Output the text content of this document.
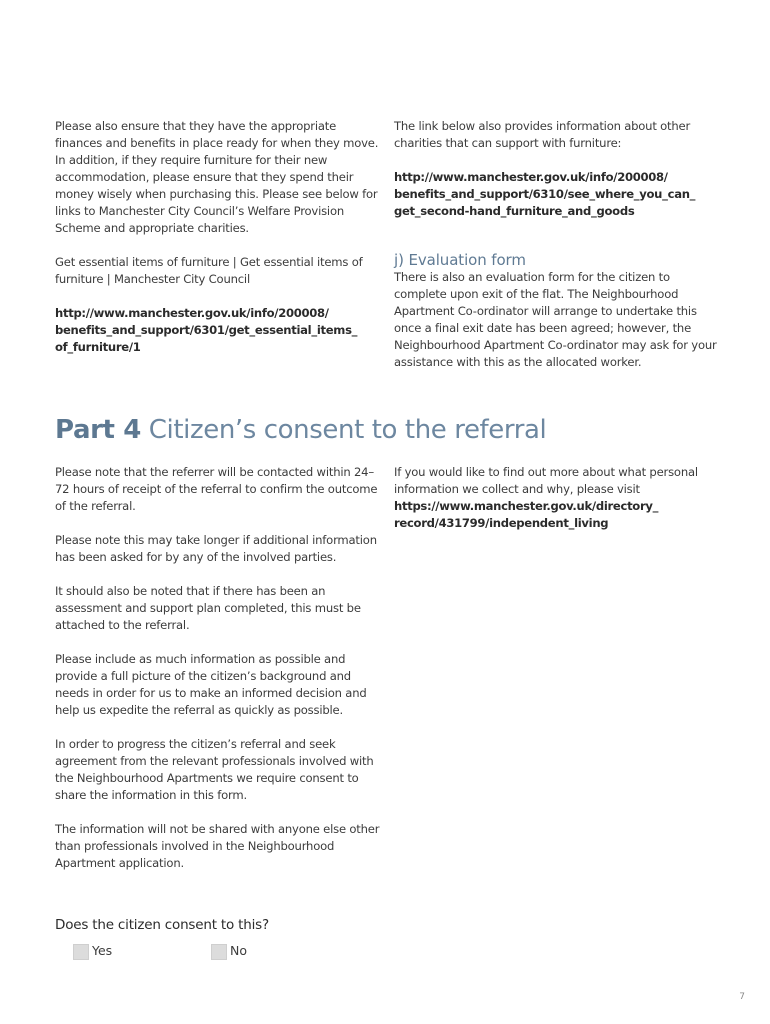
Please also ensure that they have the appropriate finances and benefits in place ready for when they move. In addition, if they require furniture for their new accommodation, please ensure that they spend their money wisely when purchasing this. Please see below for links to Manchester City Council’s Welfare Provision Scheme and appropriate charities.

Get essential items of furniture | Get essential items of furniture | Manchester City Council

http://www.manchester.gov.uk/info/200008/ benefits_and_support/6301/get_essential_items_ of_furniture/1

The link below also provides information about other charities that can support with furniture:

http://www.manchester.gov.uk/info/200008/ benefits_and_support/6310/see_where_you_can_ get_second-hand_furniture_and_goods

j) Evaluation form

There is also an evaluation form for the citizen to complete upon exit of the flat. The Neighbourhood Apartment Co-ordinator will arrange to undertake this once a final exit date has been agreed; however, the Neighbourhood Apartment Co-ordinator may ask for your assistance with this as the allocated worker.

Part 4 Citizen’s consent to the referral

Please note that the referrer will be contacted within 24–72 hours of receipt of the referral to confirm the outcome of the referral.

Please note this may take longer if additional information has been asked for by any of the involved parties.

It should also be noted that if there has been an assessment and support plan completed, this must be attached to the referral.

Please include as much information as possible and provide a full picture of the citizen’s background and needs in order for us to make an informed decision and help us expedite the referral as quickly as possible.

In order to progress the citizen’s referral and seek agreement from the relevant professionals involved with the Neighbourhood Apartments we require consent to share the information in this form.

The information will not be shared with anyone else other than professionals involved in the Neighbourhood Apartment application.

If you would like to find out more about what personal information we collect and why, please visit
https://www.manchester.gov.uk/directory_ record/431799/independent_living
Does the citizen consent to this?
Yes	No
7
